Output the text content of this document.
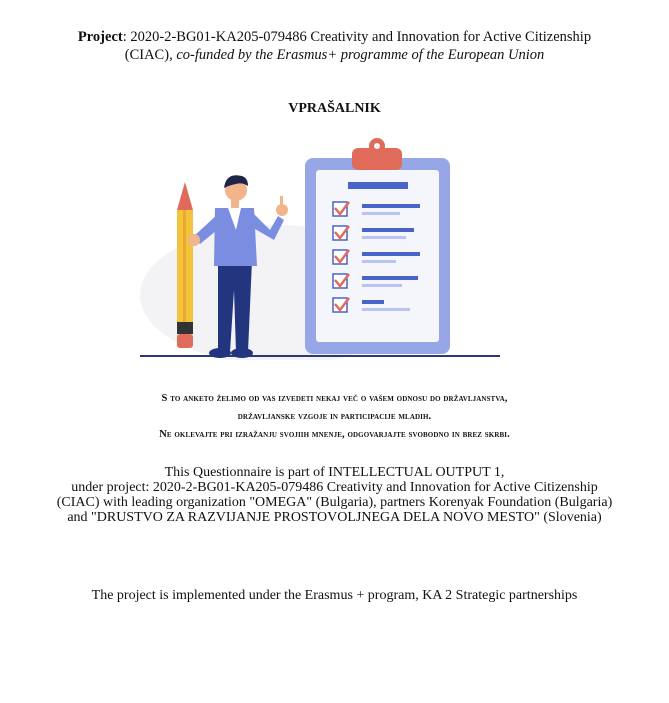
Project: 2020-2-BG01-KA205-079486 Creativity and Innovation for Active Citizenship
(CIAC), co-funded by the Erasmus+ programme of the European Union
VPRAŠALNIK
S to anketo želimo od vas izvedeti nekaj več o vašem odnosu do državljanstva,
državljanske vzgoje in participacije mladih.
Ne oklevajte pri izražanju svojiih mnenje, odgovarjajte svobodno in brez skrbi.
This Questionnaire is part of INTELLECTUAL OUTPUT 1,
under project: 2020-2-BG01-KA205-079486 Creativity and Innovation for Active Citizenship
(CIAC) with leading organization "OMEGA" (Bulgaria), partners Korenyak Foundation (Bulgaria)
and "DRUSTVO ZA RAZVIJANJE PROSTOVOLJNEGA DELA NOVO MESTO" (Slovenia)
The project is implemented under the Erasmus + program, KA 2 Strategic partnerships
